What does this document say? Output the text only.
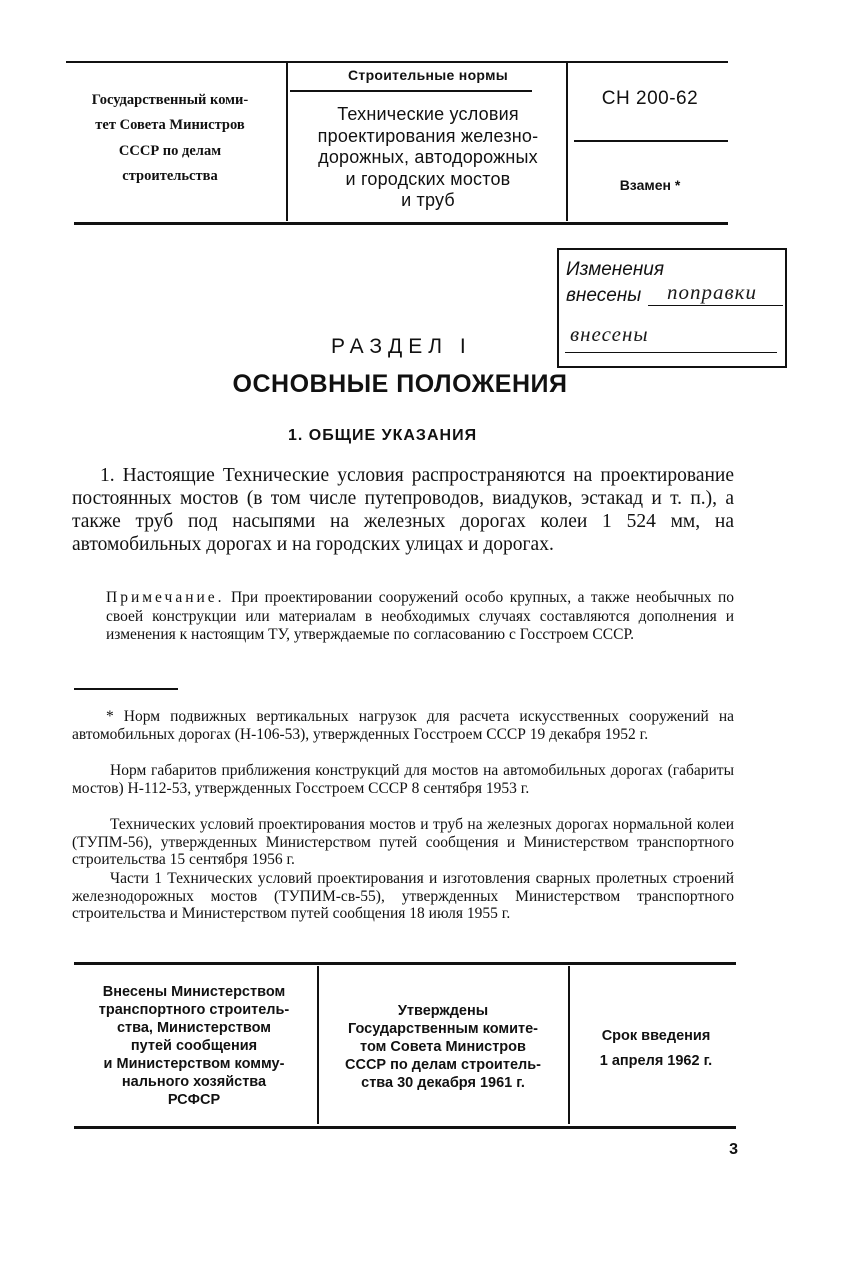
Государственный коми-
тет Совета Министров
СССР по делам
строительства
Строительные нормы
Технические условия
проектирования железно-
дорожных, автодорожных
и городских мостов
и труб
СН 200-62
Взамен *
Изменения
внесены поправки
внесены
РАЗДЕЛ I
ОСНОВНЫЕ ПОЛОЖЕНИЯ
1. ОБЩИЕ УКАЗАНИЯ
1. Настоящие Технические условия распространяются на проектирование постоянных мостов (в том числе путепроводов, виадуков, эстакад и т. п.), а также труб под насыпями на железных дорогах колеи 1 524 мм, на автомобильных дорогах и на городских улицах и дорогах.
Примечание. При проектировании сооружений особо крупных, а также необычных по своей конструкции или материалам в необходимых случаях составляются дополнения и изменения к настоящим ТУ, утверждаемые по согласованию с Госстроем СССР.
* Норм подвижных вертикальных нагрузок для расчета искусственных сооружений на автомобильных дорогах (Н-106-53), утвержденных Госстроем СССР 19 декабря 1952 г.
Норм габаритов приближения конструкций для мостов на автомобильных дорогах (габариты мостов) Н-112-53, утвержденных Госстроем СССР 8 сентября 1953 г.
Технических условий проектирования мостов и труб на железных дорогах нормальной колеи (ТУПМ-56), утвержденных Министерством путей сообщения и Министерством транспортного строительства 15 сентября 1956 г.
Части 1 Технических условий проектирования и изготовления сварных пролетных строений железнодорожных мостов (ТУПИМ-св-55), утвержденных Министерством транспортного строительства и Министерством путей сообщения 18 июля 1955 г.
Внесены Министерством
транспортного строитель-
ства, Министерством
путей сообщения
и Министерством комму-
нального хозяйства
РСФСР
Утверждены
Государственным комите-
том Совета Министров
СССР по делам строитель-
ства 30 декабря 1961 г.
Срок введения
1 апреля 1962 г.
3
